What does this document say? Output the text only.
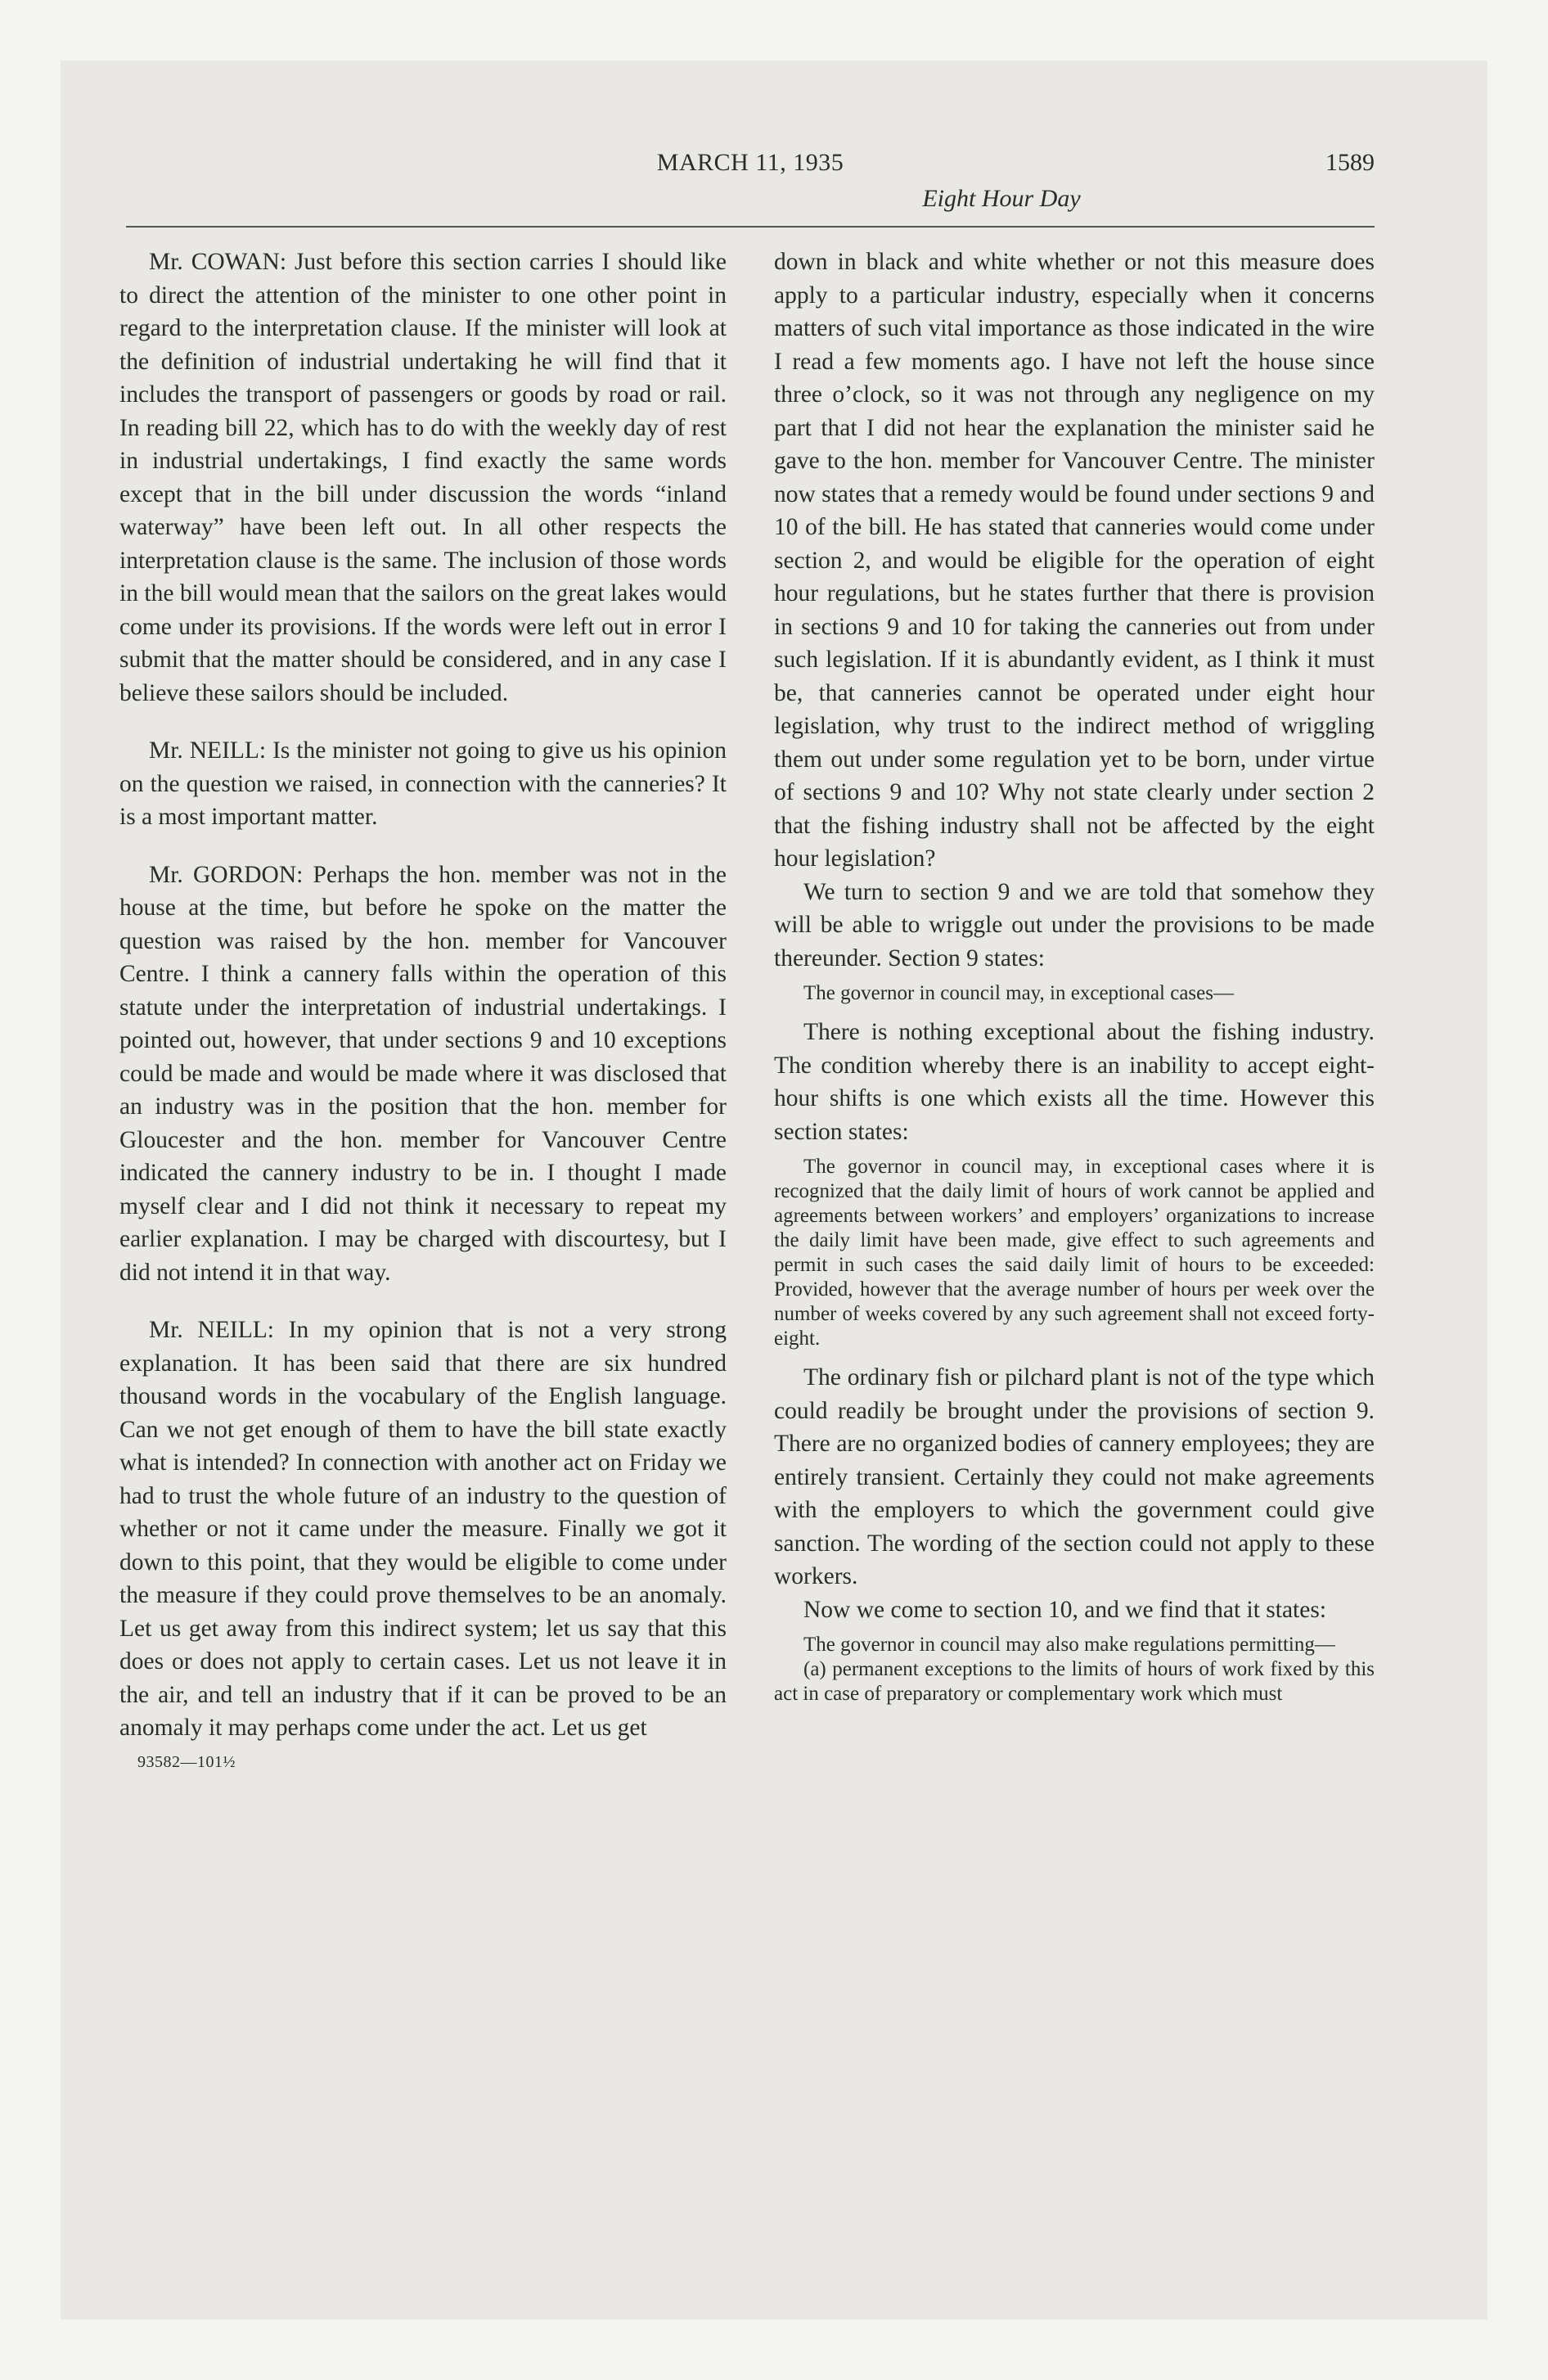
MARCH 11, 1935	1589
Eight Hour Day

Mr. COWAN: Just before this section carries I should like to direct the attention of the minister to one other point in regard to the interpretation clause. If the minister will look at the definition of industrial undertaking he will find that it includes the transport of passengers or goods by road or rail. In reading bill 22, which has to do with the weekly day of rest in industrial undertakings, I find exactly the same words except that in the bill under discussion the words “inland waterway” have been left out. In all other respects the interpretation clause is the same. The inclusion of those words in the bill would mean that the sailors on the great lakes would come under its provisions. If the words were left out in error I submit that the matter should be considered, and in any case I believe these sailors should be included.

Mr. NEILL: Is the minister not going to give us his opinion on the question we raised, in connection with the canneries? It is a most important matter.

Mr. GORDON: Perhaps the hon. member was not in the house at the time, but before he spoke on the matter the question was raised by the hon. member for Vancouver Centre. I think a cannery falls within the operation of this statute under the interpretation of industrial undertakings. I pointed out, however, that under sections 9 and 10 exceptions could be made and would be made where it was disclosed that an industry was in the position that the hon. member for Gloucester and the hon. member for Vancouver Centre indicated the cannery industry to be in. I thought I made myself clear and I did not think it necessary to repeat my earlier explanation. I may be charged with discourtesy, but I did not intend it in that way.

Mr. NEILL: In my opinion that is not a very strong explanation. It has been said that there are six hundred thousand words in the vocabulary of the English language. Can we not get enough of them to have the bill state exactly what is intended? In connection with another act on Friday we had to trust the whole future of an industry to the question of whether or not it came under the measure. Finally we got it down to this point, that they would be eligible to come under the measure if they could prove themselves to be an anomaly. Let us get away from this indirect system; let us say that this does or does not apply to certain cases. Let us not leave it in the air, and tell an industry that if it can be proved to be an anomaly it may perhaps come under the act. Let us get

93582—101½

down in black and white whether or not this measure does apply to a particular industry, especially when it concerns matters of such vital importance as those indicated in the wire I read a few moments ago. I have not left the house since three o’clock, so it was not through any negligence on my part that I did not hear the explanation the minister said he gave to the hon. member for Vancouver Centre. The minister now states that a remedy would be found under sections 9 and 10 of the bill. He has stated that canneries would come under section 2, and would be eligible for the operation of eight hour regulations, but he states further that there is provision in sections 9 and 10 for taking the canneries out from under such legislation. If it is abundantly evident, as I think it must be, that canneries cannot be operated under eight hour legislation, why trust to the indirect method of wriggling them out under some regulation yet to be born, under virtue of sections 9 and 10? Why not state clearly under section 2 that the fishing industry shall not be affected by the eight hour legislation?

We turn to section 9 and we are told that somehow they will be able to wriggle out under the provisions to be made thereunder. Section 9 states:

The governor in council may, in exceptional cases—

There is nothing exceptional about the fishing industry. The condition whereby there is an inability to accept eight-hour shifts is one which exists all the time. However this section states:

The governor in council may, in exceptional cases where it is recognized that the daily limit of hours of work cannot be applied and agreements between workers’ and employers’ organizations to increase the daily limit have been made, give effect to such agreements and permit in such cases the said daily limit of hours to be exceeded: Provided, however that the average number of hours per week over the number of weeks covered by any such agreement shall not exceed forty-eight.

The ordinary fish or pilchard plant is not of the type which could readily be brought under the provisions of section 9. There are no organized bodies of cannery employees; they are entirely transient. Certainly they could not make agreements with the employers to which the government could give sanction. The wording of the section could not apply to these workers.

Now we come to section 10, and we find that it states:

The governor in council may also make regulations permitting—

(a) permanent exceptions to the limits of hours of work fixed by this act in case of preparatory or complementary work which must
